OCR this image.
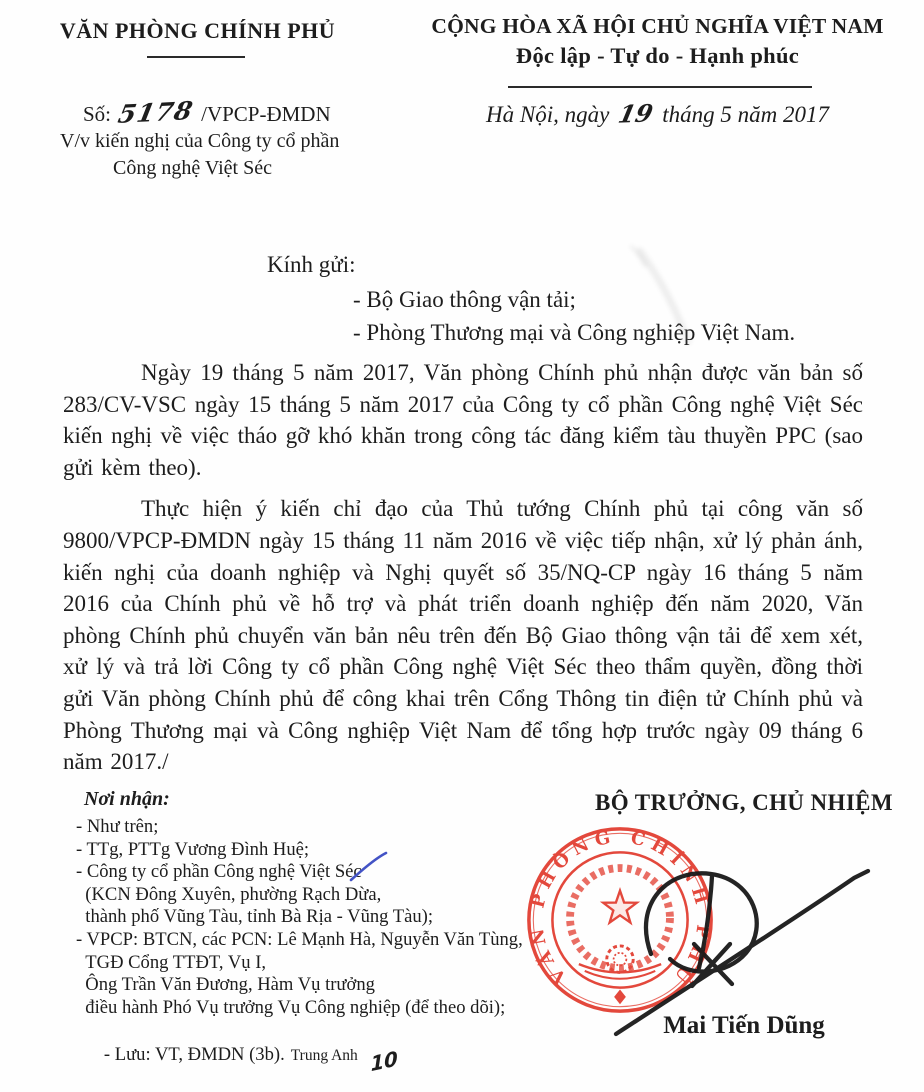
VĂN PHÒNG CHÍNH PHỦ
Số: 5178 /VPCP-ĐMDN
V/v kiến nghị của Công ty cổ phần
Công nghệ Việt Séc
CỘNG HÒA XÃ HỘI CHỦ NGHĨA VIỆT NAM
Độc lập - Tự do - Hạnh phúc
Hà Nội, ngày 19 tháng 5 năm 2017
Kính gửi:
- Bộ Giao thông vận tải;
- Phòng Thương mại và Công nghiệp Việt Nam.

Ngày 19 tháng 5 năm 2017, Văn phòng Chính phủ nhận được văn bản số 283/CV-VSC ngày 15 tháng 5 năm 2017 của Công ty cổ phần Công nghệ Việt Séc kiến nghị về việc tháo gỡ khó khăn trong công tác đăng kiểm tàu thuyền PPC (sao gửi kèm theo).

Thực hiện ý kiến chỉ đạo của Thủ tướng Chính phủ tại công văn số 9800/VPCP-ĐMDN ngày 15 tháng 11 năm 2016 về việc tiếp nhận, xử lý phản ánh, kiến nghị của doanh nghiệp và Nghị quyết số 35/NQ-CP ngày 16 tháng 5 năm 2016 của Chính phủ về hỗ trợ và phát triển doanh nghiệp đến năm 2020, Văn phòng Chính phủ chuyển văn bản nêu trên đến Bộ Giao thông vận tải để xem xét, xử lý và trả lời Công ty cổ phần Công nghệ Việt Séc theo thẩm quyền, đồng thời gửi Văn phòng Chính phủ để công khai trên Cổng Thông tin điện tử Chính phủ và Phòng Thương mại và Công nghiệp Việt Nam để tổng hợp trước ngày 09 tháng 6 năm 2017./

Nơi nhận:
- Như trên;
- TTg, PTTg Vương Đình Huệ;
- Công ty cổ phần Công nghệ Việt Séc
(KCN Đông Xuyên, phường Rạch Dừa,
thành phố Vũng Tàu, tỉnh Bà Rịa - Vũng Tàu);
- VPCP: BTCN, các PCN: Lê Mạnh Hà, Nguyễn Văn Tùng,
TGĐ Cổng TTĐT, Vụ I,
Ông Trần Văn Đương, Hàm Vụ trưởng
điều hành Phó Vụ trưởng Vụ Công nghiệp (để theo dõi);

- Lưu: VT, ĐMDN (3b). Trung Anh 10

BỘ TRƯỞNG, CHỦ NHIỆM
Mai Tiến Dũng
VĂN PHÒNG CHÍNH PHỦ
